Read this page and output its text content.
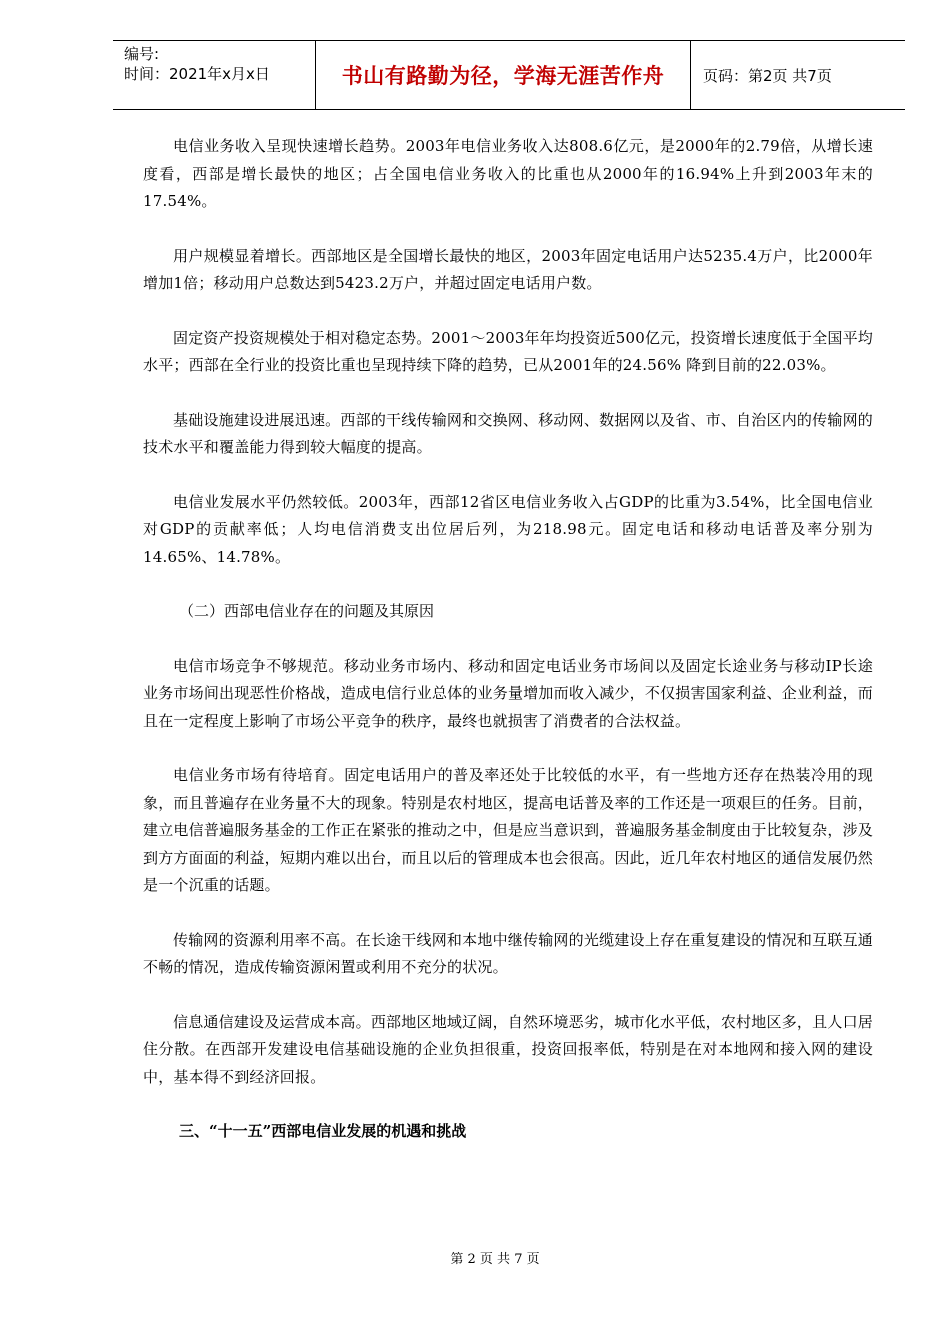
编号:
时间：2021年x月x日	书山有路勤为径，学海无涯苦作舟	页码：第2页 共7页

电信业务收入呈现快速增长趋势。2003年电信业务收入达808.6亿元，是2000年的2.79倍，从增长速度看，西部是增长最快的地区；占全国电信业务收入的比重也从2000年的16.94%上升到2003年末的17.54%。

用户规模显着增长。西部地区是全国增长最快的地区，2003年固定电话用户达5235.4万户，比2000年增加1倍；移动用户总数达到5423.2万户，并超过固定电话用户数。

固定资产投资规模处于相对稳定态势。2001～2003年年均投资近500亿元，投资增长速度低于全国平均水平；西部在全行业的投资比重也呈现持续下降的趋势，已从2001年的24.56% 降到目前的22.03%。

基础设施建设进展迅速。西部的干线传输网和交换网、移动网、数据网以及省、市、自治区内的传输网的技术水平和覆盖能力得到较大幅度的提高。

电信业发展水平仍然较低。2003年，西部12省区电信业务收入占GDP的比重为3.54%，比全国电信业对GDP的贡献率低；人均电信消费支出位居后列，为218.98元。固定电话和移动电话普及率分别为14.65%、14.78%。

（二）西部电信业存在的问题及其原因

电信市场竞争不够规范。移动业务市场内、移动和固定电话业务市场间以及固定长途业务与移动IP长途业务市场间出现恶性价格战，造成电信行业总体的业务量增加而收入减少，不仅损害国家利益、企业利益，而且在一定程度上影响了市场公平竞争的秩序，最终也就损害了消费者的合法权益。

电信业务市场有待培育。固定电话用户的普及率还处于比较低的水平，有一些地方还存在热装冷用的现象，而且普遍存在业务量不大的现象。特别是农村地区，提高电话普及率的工作还是一项艰巨的任务。目前，建立电信普遍服务基金的工作正在紧张的推动之中，但是应当意识到，普遍服务基金制度由于比较复杂，涉及到方方面面的利益，短期内难以出台，而且以后的管理成本也会很高。因此，近几年农村地区的通信发展仍然是一个沉重的话题。

传输网的资源利用率不高。在长途干线网和本地中继传输网的光缆建设上存在重复建设的情况和互联互通不畅的情况，造成传输资源闲置或利用不充分的状况。

信息通信建设及运营成本高。西部地区地域辽阔，自然环境恶劣，城市化水平低，农村地区多，且人口居住分散。在西部开发建设电信基础设施的企业负担很重，投资回报率低，特别是在对本地网和接入网的建设中，基本得不到经济回报。

三、“十一五”西部电信业发展的机遇和挑战

第 2 页 共 7 页
